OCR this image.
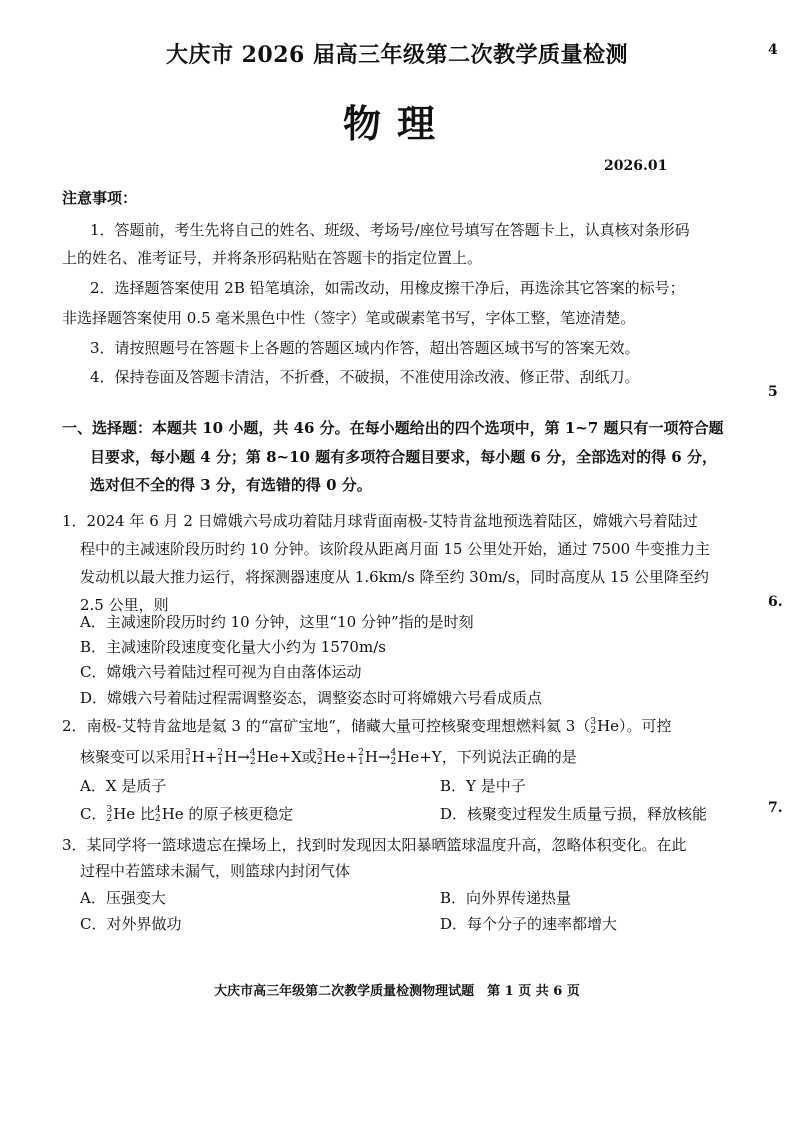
大庆市 2026 届高三年级第二次教学质量检测
物理
2026.01
4
5
6.
7.
注意事项：
1．答题前，考生先将自己的姓名、班级、考场号/座位号填写在答题卡上，认真核对条形码
上的姓名、准考证号，并将条形码粘贴在答题卡的指定位置上。
2．选择题答案使用 2B 铅笔填涂，如需改动，用橡皮擦干净后，再选涂其它答案的标号；
非选择题答案使用 0.5 毫米黑色中性（签字）笔或碳素笔书写，字体工整，笔迹清楚。
3．请按照题号在答题卡上各题的答题区域内作答，超出答题区域书写的答案无效。
4．保持卷面及答题卡清洁，不折叠，不破损，不准使用涂改液、修正带、刮纸刀。
一、选择题：本题共 10 小题，共 46 分。在每小题给出的四个选项中，第 1~7 题只有一项符合题
目要求，每小题 4 分；第 8~10 题有多项符合题目要求，每小题 6 分，全部选对的得 6 分，
选对但不全的得 3 分，有选错的得 0 分。
1．2024 年 6 月 2 日嫦娥六号成功着陆月球背面南极-艾特肯盆地预选着陆区，嫦娥六号着陆过
程中的主减速阶段历时约 10 分钟。该阶段从距离月面 15 公里处开始，通过 7500 牛变推力主
发动机以最大推力运行，将探测器速度从 1.6km/s 降至约 30m/s，同时高度从 15 公里降至约
2.5 公里，则
A．主减速阶段历时约 10 分钟，这里“10 分钟”指的是时刻
B．主减速阶段速度变化量大小约为 1570m/s
C．嫦娥六号着陆过程可视为自由落体运动
D．嫦娥六号着陆过程需调整姿态，调整姿态时可将嫦娥六号看成质点
2．南极-艾特肯盆地是氦 3 的“富矿宝地”，储藏大量可控核聚变理想燃料氦 3（ 3
2 He）。可控
核聚变可以采用 3
1 H+ 2
1 H→ 4
2 He+X或 3
2 He+ 2
1 H→ 4
2 He+Y，下列说法正确的是
A．X 是质子	B．Y 是中子
C． 3
2 He 比 4
2 He 的原子核更稳定	D．核聚变过程发生质量亏损，释放核能
3．某同学将一篮球遗忘在操场上，找到时发现因太阳暴晒篮球温度升高，忽略体积变化。在此
过程中若篮球未漏气，则篮球内封闭气体
A．压强变大	B．向外界传递热量
C．对外界做功	D．每个分子的速率都增大
大庆市高三年级第二次教学质量检测物理试题　第 1 页 共 6 页
